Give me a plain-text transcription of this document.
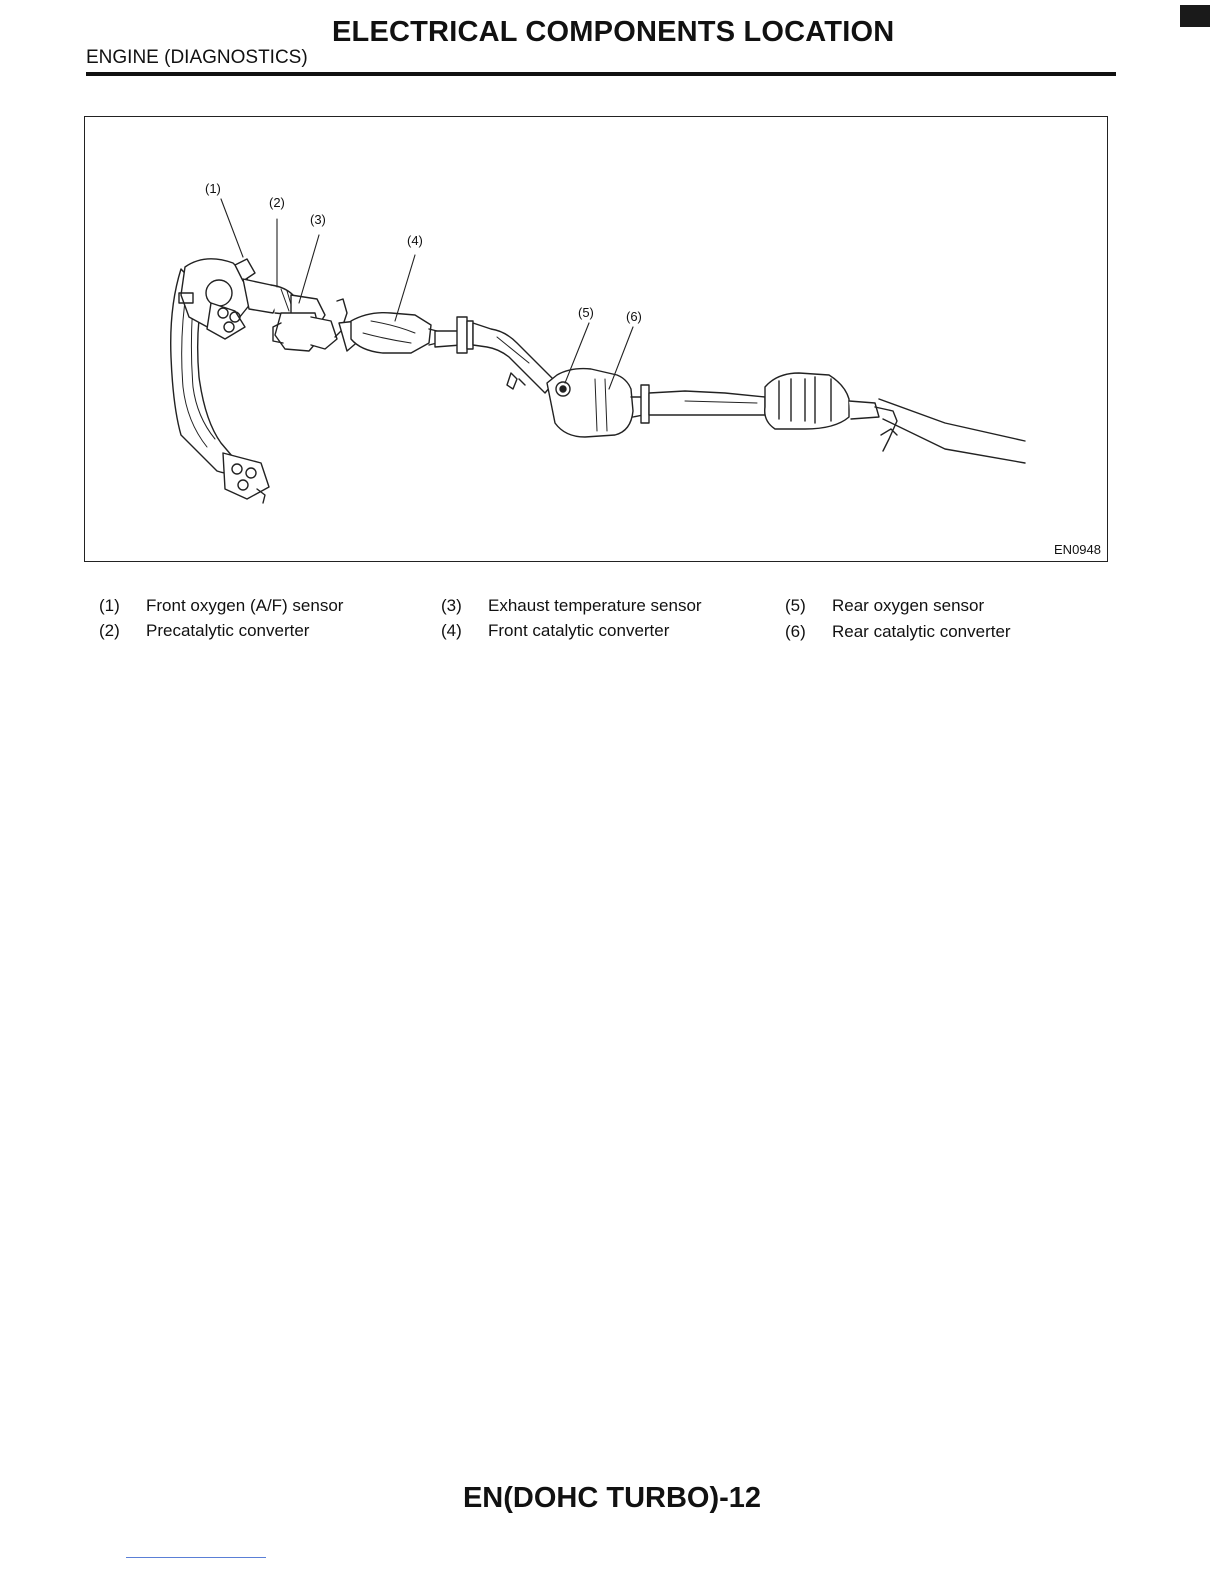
ELECTRICAL COMPONENTS LOCATION
ENGINE (DIAGNOSTICS)
(1)
(2)
(3)
(4)
(5) (6)
EN0948
(1) Front oxygen (A/F) sensor
(2) Precatalytic converter
(3) Exhaust temperature sensor
(4) Front catalytic converter
(5) Rear oxygen sensor
(6) Rear catalytic converter
EN(DOHC TURBO)-12
